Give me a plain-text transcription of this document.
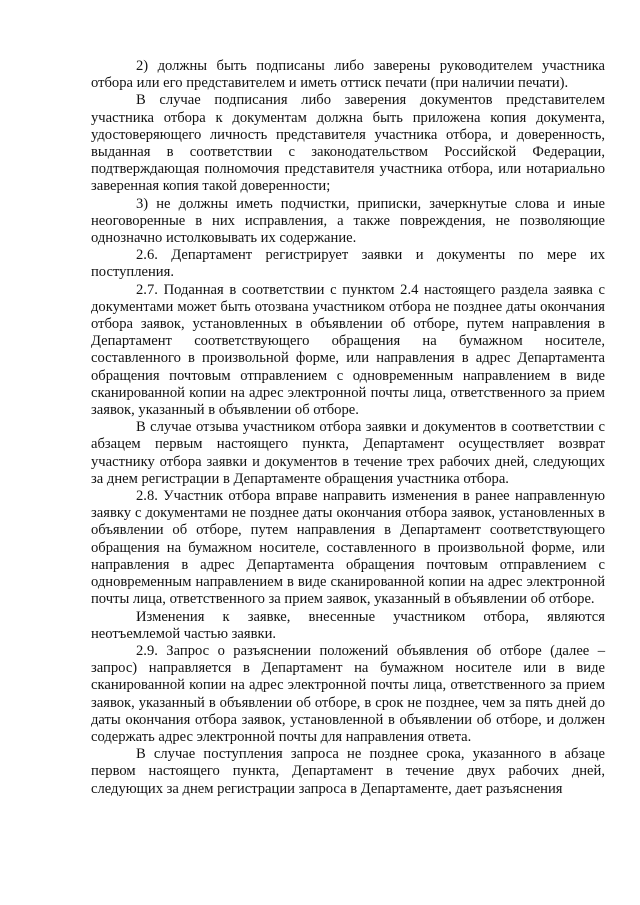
2) должны быть подписаны либо заверены руководителем участника отбора или его представителем и иметь оттиск печати (при наличии печати).

В случае подписания либо заверения документов представителем участника отбора к документам должна быть приложена копия документа, удостоверяющего личность представителя участника отбора, и доверенность, выданная в соответствии с законодательством Российской Федерации, подтверждающая полномочия представителя участника отбора, или нотариально заверенная копия такой доверенности;

3) не должны иметь подчистки, приписки, зачеркнутые слова и иные неоговоренные в них исправления, а также повреждения, не позволяющие однозначно истолковывать их содержание.

2.6. Департамент регистрирует заявки и документы по мере их поступления.

2.7. Поданная в соответствии с пунктом 2.4 настоящего раздела заявка с документами может быть отозвана участником отбора не позднее даты окончания отбора заявок, установленных в объявлении об отборе, путем направления в Департамент соответствующего обращения на бумажном носителе, составленного в произвольной форме, или направления в адрес Департамента обращения почтовым отправлением с одновременным направлением в виде сканированной копии на адрес электронной почты лица, ответственного за прием заявок, указанный в объявлении об отборе.

В случае отзыва участником отбора заявки и документов в соответствии с абзацем первым настоящего пункта, Департамент осуществляет возврат участнику отбора заявки и документов в течение трех рабочих дней, следующих за днем регистрации в Департаменте обращения участника отбора.

2.8. Участник отбора вправе направить изменения в ранее направленную заявку с документами не позднее даты окончания отбора заявок, установленных в объявлении об отборе, путем направления в Департамент соответствующего обращения на бумажном носителе, составленного в произвольной форме, или направления в адрес Департамента обращения почтовым отправлением с одновременным направлением в виде сканированной копии на адрес электронной почты лица, ответственного за прием заявок, указанный в объявлении об отборе.

Изменения к заявке, внесенные участником отбора, являются неотъемлемой частью заявки.

2.9. Запрос о разъяснении положений объявления об отборе (далее – запрос) направляется в Департамент на бумажном носителе или в виде сканированной копии на адрес электронной почты лица, ответственного за прием заявок, указанный в объявлении об отборе, в срок не позднее, чем за пять дней до даты окончания отбора заявок, установленной в объявлении об отборе, и должен содержать адрес электронной почты для направления ответа.

В случае поступления запроса не позднее срока, указанного в абзаце первом настоящего пункта, Департамент в течение двух рабочих дней, следующих за днем регистрации запроса в Департаменте, дает разъяснения
